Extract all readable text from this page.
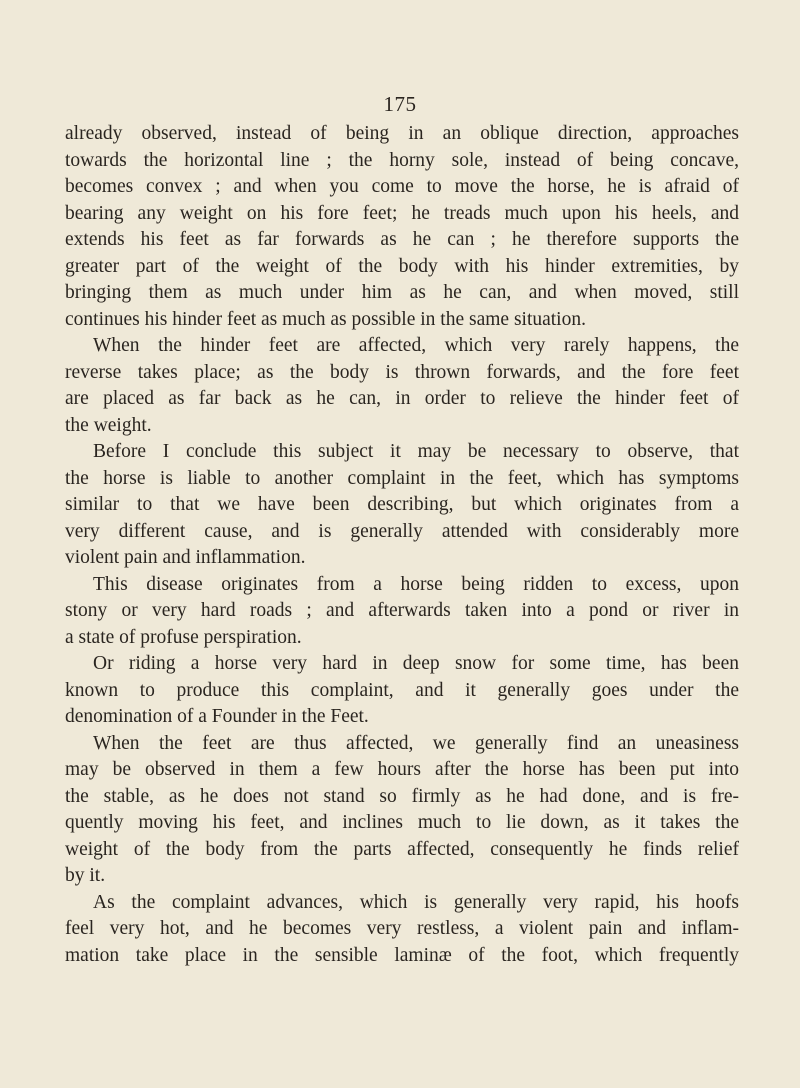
175
already observed, instead of being in an oblique direction, approaches
towards the horizontal line ; the horny sole, instead of being concave,
becomes convex ; and when you come to move the horse, he is afraid of
bearing any weight on his fore feet; he treads much upon his heels, and
extends his feet as far forwards as he can ; he therefore supports the
greater part of the weight of the body with his hinder extremities, by
bringing them as much under him as he can, and when moved, still
continues his hinder feet as much as possible in the same situation.
When the hinder feet are affected, which very rarely happens, the
reverse takes place; as the body is thrown forwards, and the fore feet
are placed as far back as he can, in order to relieve the hinder feet of
the weight.
Before I conclude this subject it may be necessary to observe, that
the horse is liable to another complaint in the feet, which has symptoms
similar to that we have been describing, but which originates from a
very different cause, and is generally attended with considerably more
violent pain and inflammation.
This disease originates from a horse being ridden to excess, upon
stony or very hard roads ; and afterwards taken into a pond or river in
a state of profuse perspiration.
Or riding a horse very hard in deep snow for some time, has been
known to produce this complaint, and it generally goes under the
denomination of a Founder in the Feet.
When the feet are thus affected, we generally find an uneasiness
may be observed in them a few hours after the horse has been put into
the stable, as he does not stand so firmly as he had done, and is fre-
quently moving his feet, and inclines much to lie down, as it takes the
weight of the body from the parts affected, consequently he finds relief
by it.
As the complaint advances, which is generally very rapid, his hoofs
feel very hot, and he becomes very restless, a violent pain and inflam-
mation take place in the sensible laminæ of the foot, which frequently
